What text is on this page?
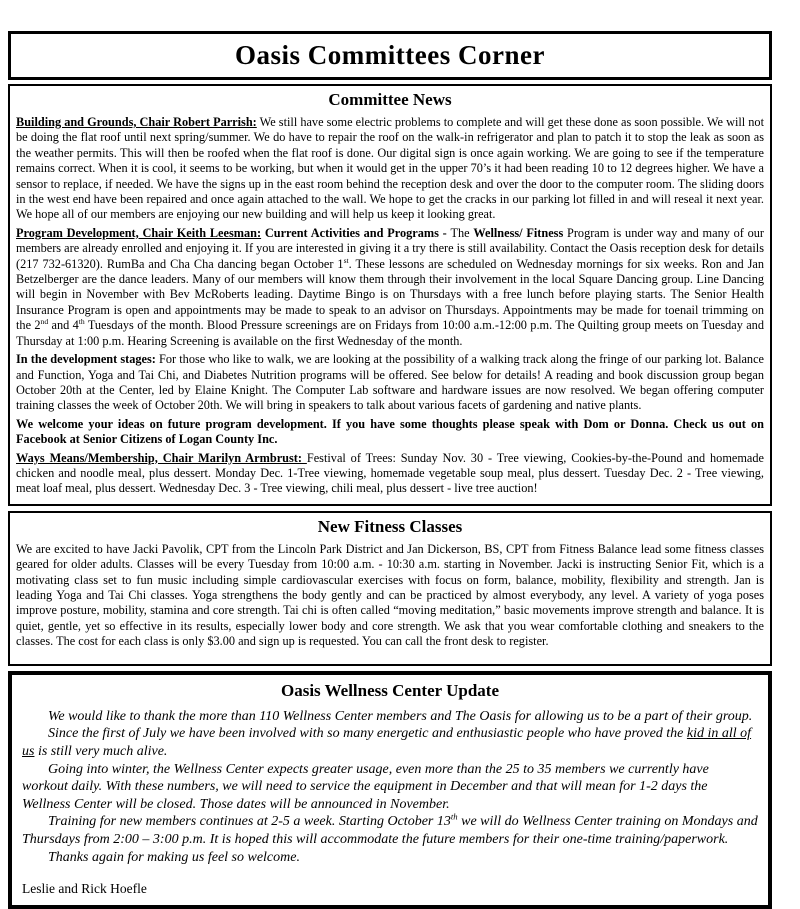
Oasis Committees Corner
Committee News

Building and Grounds, Chair Robert Parrish: We still have some electric problems to complete and will get these done as soon possible. We will not be doing the flat roof until next spring/summer. We do have to repair the roof on the walk-in refrigerator and plan to patch it to stop the leak as soon as the weather permits. This will then be roofed when the flat roof is done. Our digital sign is once again working. We are going to see if the temperature remains correct. When it is cool, it seems to be working, but when it would get in the upper 70’s it had been reading 10 to 12 degrees higher. We have a sensor to replace, if needed. We have the signs up in the east room behind the reception desk and over the door to the computer room. The sliding doors in the west end have been repaired and once again attached to the wall. We hope to get the cracks in our parking lot filled in and will reseal it next year. We hope all of our members are enjoying our new building and will help us keep it looking great.

Program Development, Chair Keith Leesman: Current Activities and Programs - The Wellness/ Fitness Program is under way and many of our members are already enrolled and enjoying it. If you are interested in giving it a try there is still availability. Contact the Oasis reception desk for details (217 732-61320). RumBa and Cha Cha dancing began October 1st. These lessons are scheduled on Wednesday mornings for six weeks. Ron and Jan Betzelberger are the dance leaders. Many of our members will know them through their involvement in the local Square Dancing group. Line Dancing will begin in November with Bev McRoberts leading. Daytime Bingo is on Thursdays with a free lunch before playing starts. The Senior Health Insurance Program is open and appointments may be made to speak to an advisor on Thursdays. Appointments may be made for toenail trimming on the 2nd and 4th Tuesdays of the month. Blood Pressure screenings are on Fridays from 10:00 a.m.-12:00 p.m. The Quilting group meets on Tuesday and Thursday at 1:00 p.m. Hearing Screening is available on the first Wednesday of the month.

In the development stages: For those who like to walk, we are looking at the possibility of a walking track along the fringe of our parking lot. Balance and Function, Yoga and Tai Chi, and Diabetes Nutrition programs will be offered. See below for details! A reading and book discussion group began October 20th at the Center, led by Elaine Knight. The Computer Lab software and hardware issues are now resolved. We began offering computer training classes the week of October 20th. We will bring in speakers to talk about various facets of gardening and native plants.

We welcome your ideas on future program development. If you have some thoughts please speak with Dom or Donna. Check us out on Facebook at Senior Citizens of Logan County Inc.

Ways Means/Membership, Chair Marilyn Armbrust: Festival of Trees: Sunday Nov. 30 - Tree viewing, Cookies-by-the-Pound and homemade chicken and noodle meal, plus dessert. Monday Dec. 1-Tree viewing, homemade vegetable soup meal, plus dessert. Tuesday Dec. 2 - Tree viewing, meat loaf meal, plus dessert. Wednesday Dec. 3 - Tree viewing, chili meal, plus dessert - live tree auction!

New Fitness Classes

We are excited to have Jacki Pavolik, CPT from the Lincoln Park District and Jan Dickerson, BS, CPT from Fitness Balance lead some fitness classes geared for older adults. Classes will be every Tuesday from 10:00 a.m. - 10:30 a.m. starting in November. Jacki is instructing Senior Fit, which is a motivating class set to fun music including simple cardiovascular exercises with focus on form, balance, mobility, flexibility and strength. Jan is leading Yoga and Tai Chi classes. Yoga strengthens the body gently and can be practiced by almost everybody, any level. A variety of yoga poses improve posture, mobility, stamina and core strength. Tai chi is often called “moving meditation,” basic movements improve strength and balance. It is quiet, gentle, yet so effective in its results, especially lower body and core strength. We ask that you wear comfortable clothing and sneakers to the classes. The cost for each class is only $3.00 and sign up is requested. You can call the front desk to register.

Oasis Wellness Center Update

We would like to thank the more than 110 Wellness Center members and The Oasis for allowing us to be a part of their group.

Since the first of July we have been involved with so many energetic and enthusiastic people who have proved the kid in all of us is still very much alive.

Going into winter, the Wellness Center expects greater usage, even more than the 25 to 35 members we currently have workout daily. With these numbers, we will need to service the equipment in December and that will mean for 1-2 days the Wellness Center will be closed. Those dates will be announced in November.

Training for new members continues at 2-5 a week. Starting October 13th we will do Wellness Center training on Mondays and Thursdays from 2:00 – 3:00 p.m. It is hoped this will accommodate the future members for their one-time training/paperwork.

Thanks again for making us feel so welcome.

Leslie and Rick Hoefle
